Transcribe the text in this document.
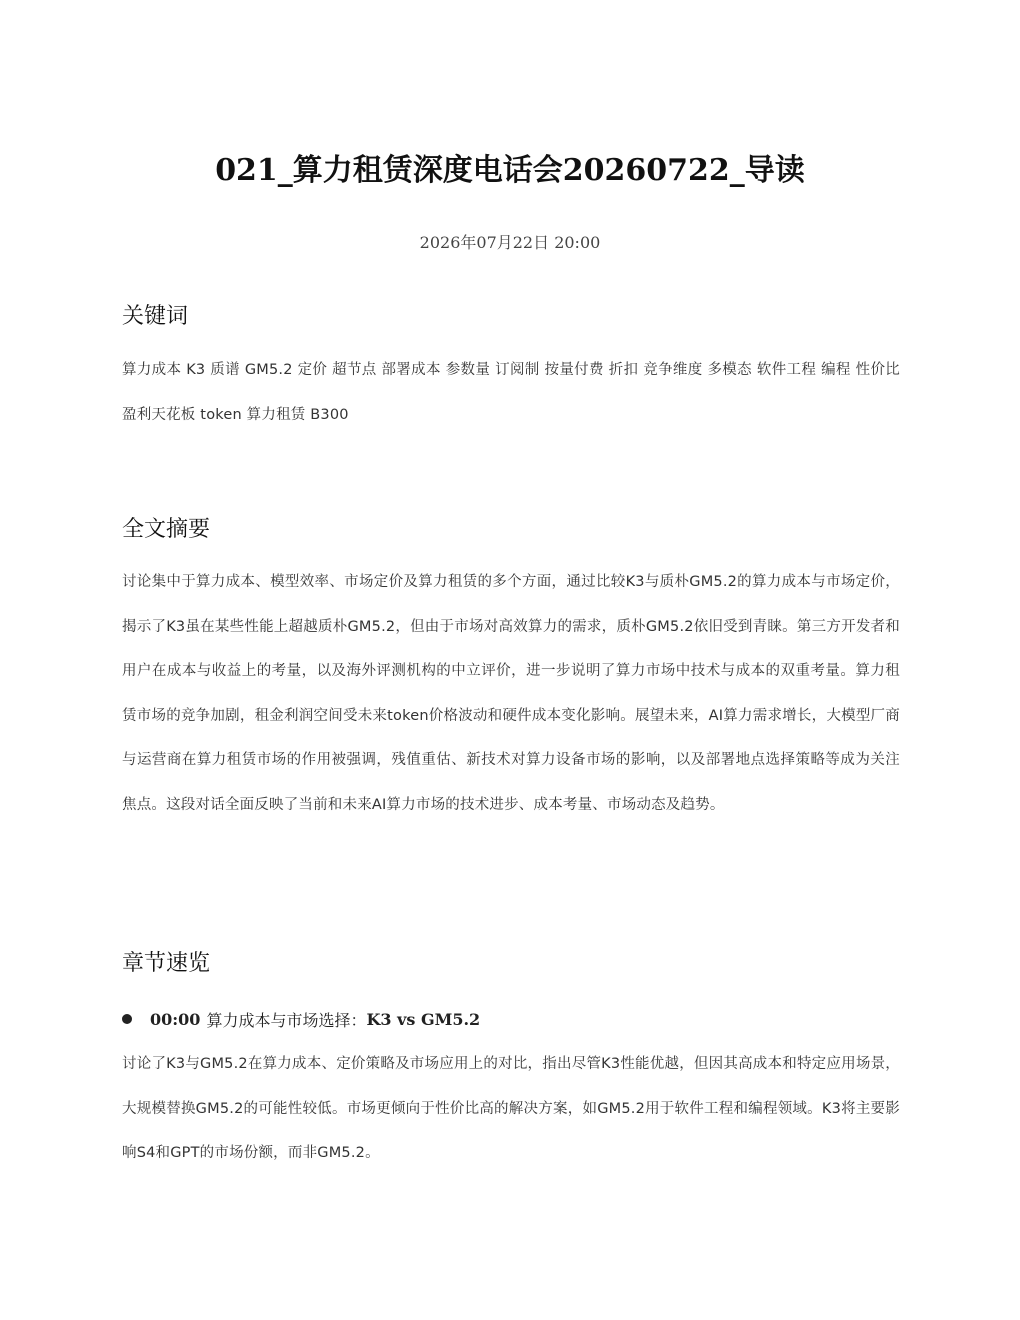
021_算力租赁深度电话会20260722_导读
2026年07月22日 20:00
关键词

算力成本 K3 质谱 GM5.2 定价 超节点 部署成本 参数量 订阅制 按量付费 折扣 竞争维度 多模态 软件工程 编程 性价比 盈利天花板 token 算力租赁 B300

全文摘要

讨论集中于算力成本、模型效率、市场定价及算力租赁的多个方面，通过比较K3与质朴GM5.2的算力成本与市场定价，揭示了K3虽在某些性能上超越质朴GM5.2，但由于市场对高效算力的需求，质朴GM5.2依旧受到青睐。第三方开发者和用户在成本与收益上的考量，以及海外评测机构的中立评价，进一步说明了算力市场中技术与成本的双重考量。算力租赁市场的竞争加剧，租金利润空间受未来token价格波动和硬件成本变化影响。展望未来，AI算力需求增长，大模型厂商与运营商在算力租赁市场的作用被强调，残值重估、新技术对算力设备市场的影响，以及部署地点选择策略等成为关注焦点。这段对话全面反映了当前和未来AI算力市场的技术进步、成本考量、市场动态及趋势。

章节速览
00:00 算力成本与市场选择： K3 vs GM5.2

讨论了K3与GM5.2在算力成本、定价策略及市场应用上的对比，指出尽管K3性能优越，但因其高成本和特定应用场景，大规模替换GM5.2的可能性较低。市场更倾向于性价比高的解决方案，如GM5.2用于软件工程和编程领域。K3将主要影响S4和GPT的市场份额，而非GM5.2。
